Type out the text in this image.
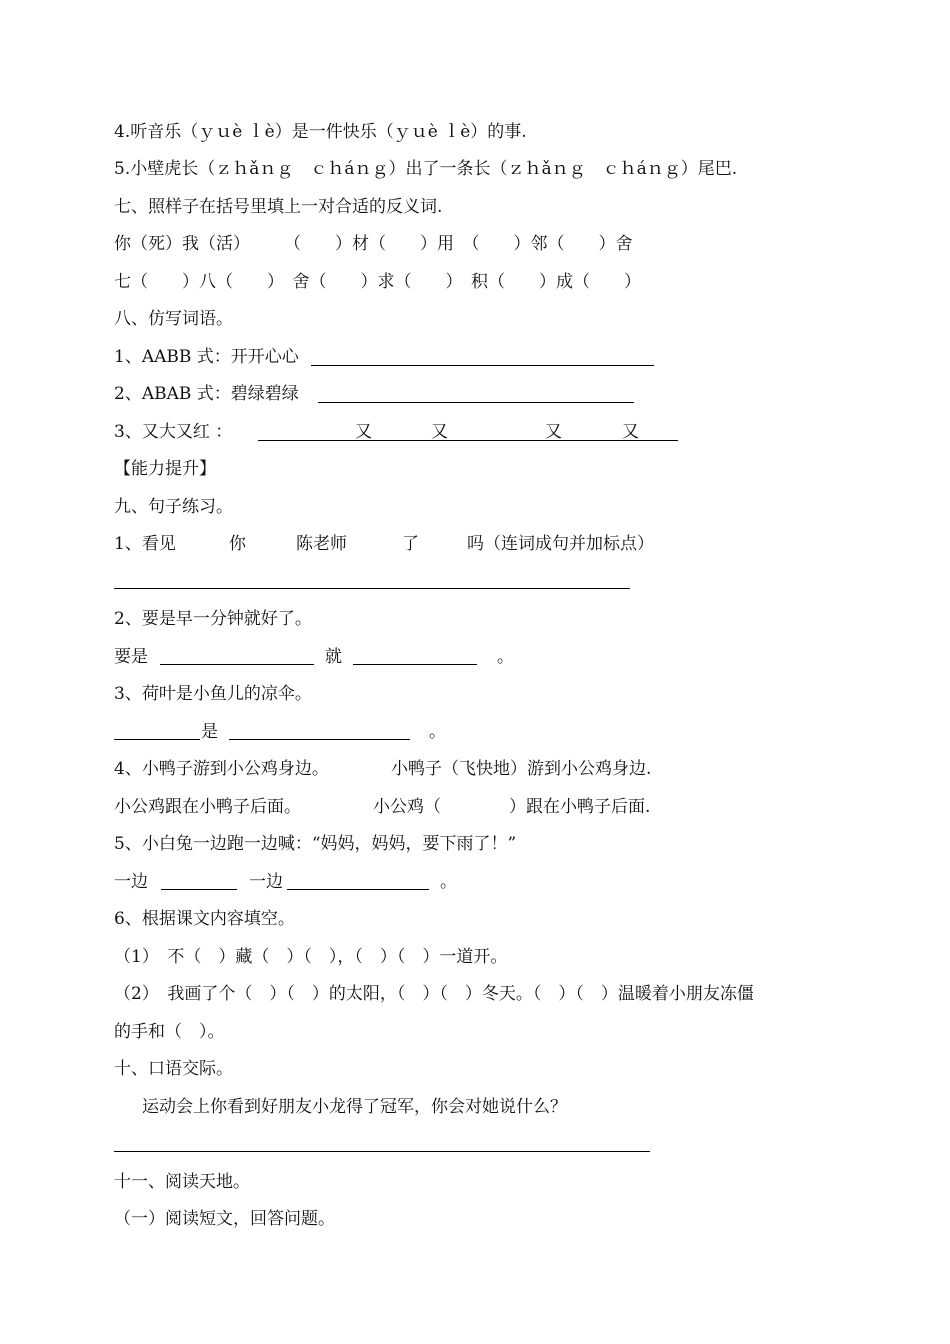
4.听音乐（ｙｕè ｌè）是一件快乐（ｙｕè ｌè）的事.
5.小壁虎长（ｚｈǎｎｇ　ｃｈáｎｇ）出了一条长（ｚｈǎｎｇ　ｃｈáｎｇ）尾巴.
七、照样子在括号里填上一对合适的反义词.
你（死）我（活）　　　（　　）材（　　）用　（　　）邻（　　）舍
七（　　）八（　　）　舍（　　）求（　　）　积（　　）成（　　）
八、仿写词语。
1、AABB 式：开开心心
2、ABAB 式：碧绿碧绿
3、又大又红 ：	又	又	又	又
【能力提升】
九、句子练习。
1、看见	你	陈老师	了	吗（连词成句并加标点）
2、要是早一分钟就好了。
要是	就	。
3、荷叶是小鱼儿的凉伞。
是	。
4、小鸭子游到小公鸡身边。	小鸭子（飞快地）游到小公鸡身边.
小公鸡跟在小鸭子后面。	小公鸡（　　　　）跟在小鸭子后面.
5、小白兔一边跑一边喊：“妈妈，妈妈，要下雨了！”
一边	一边	。
6、根据课文内容填空。
（1）　不（　）藏（　）（　），（　）（　）一道开。
（2）　我画了个（　）（　）的太阳，（　）（　）冬天。（　）（　）温暖着小朋友冻僵
的手和（　）。
十、口语交际。
运动会上你看到好朋友小龙得了冠军，你会对她说什么？
十一、阅读天地。
（一）阅读短文，回答问题。
